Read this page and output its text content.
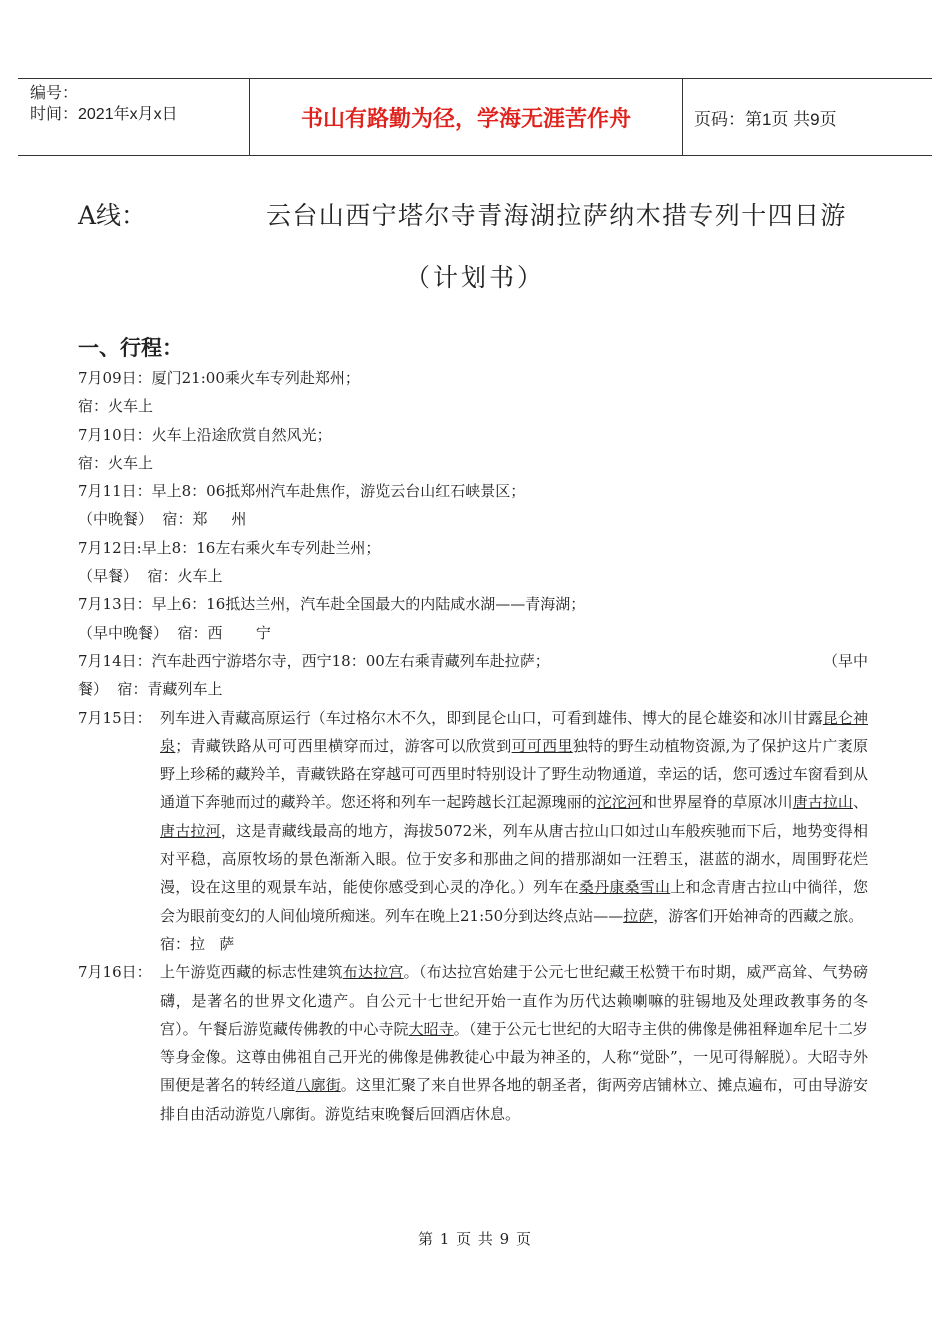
编号：
时间：2021年x月x日	书山有路勤为径，学海无涯苦作舟	页码：第1页 共9页
A线：	云台山西宁塔尔寺青海湖拉萨纳木措专列十四日游
（计划书）
一、行程：
7月09日：厦门21:00乘火车专列赴郑州；
宿：火车上
7月10日：火车上沿途欣赏自然风光；
宿：火车上
7月11日：早上8：06抵郑州汽车赴焦作，游览云台山红石峡景区；
（中晚餐）  宿：郑     州
7月12日:早上8：16左右乘火车专列赴兰州；
（早餐）  宿：火车上
7月13日：早上6：16抵达兰州，汽车赴全国最大的内陆咸水湖——青海湖；
（早中晚餐）  宿：西       宁
7月14日：汽车赴西宁游塔尔寺，西宁18：00左右乘青藏列车赴拉萨；	（早中
餐）  宿：青藏列车上
7月15日： 列车进入青藏高原运行（车过格尔木不久，即到昆仑山口，可看到雄伟、博大的昆仑雄姿和冰川甘露昆仑神泉；青藏铁路从可可西里横穿而过，游客可以欣赏到可可西里独特的野生动植物资源,为了保护这片广袤原野上珍稀的藏羚羊，青藏铁路在穿越可可西里时特别设计了野生动物通道，幸运的话，您可透过车窗看到从通道下奔驰而过的藏羚羊。您还将和列车一起跨越长江起源瑰丽的沱沱河和世界屋脊的草原冰川唐古拉山、唐古拉河，这是青藏线最高的地方，海拔5072米，列车从唐古拉山口如过山车般疾驰而下后，地势变得相对平稳，高原牧场的景色渐渐入眼。位于安多和那曲之间的措那湖如一汪碧玉，湛蓝的湖水，周围野花烂漫，设在这里的观景车站，能使你感受到心灵的净化。）列车在桑丹康桑雪山上和念青唐古拉山中徜徉，您会为眼前变幻的人间仙境所痴迷。列车在晚上21:50分到达终点站——拉萨，游客们开始神奇的西藏之旅。
宿：拉   萨
7月16日： 上午游览西藏的标志性建筑布达拉宫。（布达拉宫始建于公元七世纪藏王松赞干布时期，威严高耸、气势磅礴，是著名的世界文化遗产。自公元十七世纪开始一直作为历代达赖喇嘛的驻锡地及处理政教事务的冬宫）。午餐后游览藏传佛教的中心寺院大昭寺。（建于公元七世纪的大昭寺主供的佛像是佛祖释迦牟尼十二岁等身金像。这尊由佛祖自己开光的佛像是佛教徒心中最为神圣的，人称“觉卧”，一见可得解脱）。大昭寺外围便是著名的转经道八廓街。这里汇聚了来自世界各地的朝圣者，街两旁店铺林立、摊点遍布，可由导游安排自由活动游览八廓街。游览结束晚餐后回酒店休息。
第 1 页 共 9 页
